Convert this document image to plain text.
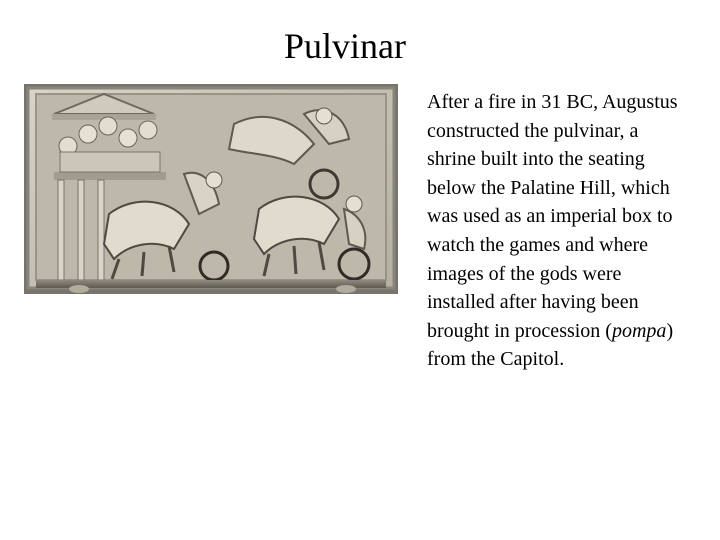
Pulvinar
After a fire in 31 BC, Augustus constructed the pulvinar, a shrine built into the seating below the Palatine Hill, which was used as an imperial box to watch the games and where images of the gods were installed after having been brought in procession (pompa) from the Capitol.
